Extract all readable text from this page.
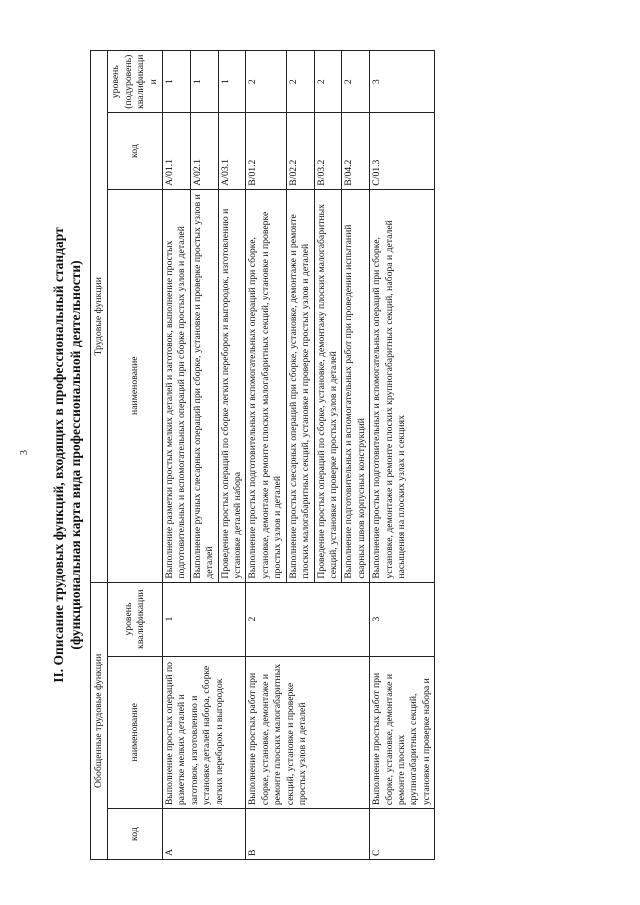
3 II. Описание трудовых функций, входящих в профессиональный стандарт (функциональная карта вида профессиональной деятельности)
Обобщенные трудовые функции			Трудовые функции		
код	наименование	уровень квалификации	наименование	код	уровень (подуровень) квалификации
A	Выполнение простых операций по разметке мелких деталей и заготовок, изготовлению и установке деталей набора, сборке легких переборок и выгородок	1	Выполнение разметки простых мелких деталей и заготовок, выполнение простых подготовительных и вспомогательных операций при сборке простых узлов и деталей	A/01.1	1
			Выполнение ручных слесарных операций при сборке, установке и проверке простых узлов и деталей	A/02.1	1
			Проведение простых операций по сборке легких переборок и выгородок, изготовлению и установке деталей набора	A/03.1	1
B	Выполнение простых работ при сборке, установке, демонтаже и ремонте плоских малогабаритных секций, установке и проверке простых узлов и деталей	2	Выполнение простых подготовительных и вспомогательных операций при сборке, установке, демонтаже и ремонте плоских малогабаритных секций, установке и проверке простых узлов и деталей	B/01.2	2
			Выполнение простых слесарных операций при сборке, установке, демонтаже и ремонте плоских малогабаритных секций, установке и проверке простых узлов и деталей	B/02.2	2
			Проведение простых операций по сборке, установке, демонтажу плоских малогабаритных секций, установке и проверке простых узлов и деталей	B/03.2	2
			Выполнение подготовительных и вспомогательных работ при проведении испытаний сварных швов корпусных конструкций	B/04.2	2
C	Выполнение простых работ при сборке, установке, демонтаже и ремонте плоских крупногабаритных секций, установке и проверке набора и	3	Выполнение простых подготовительных и вспомогательных операций при сборке, установке, демонтаже и ремонте плоских крупногабаритных секций, набора и деталей насыщения на плоских узлах и секциях	C/01.3	3
